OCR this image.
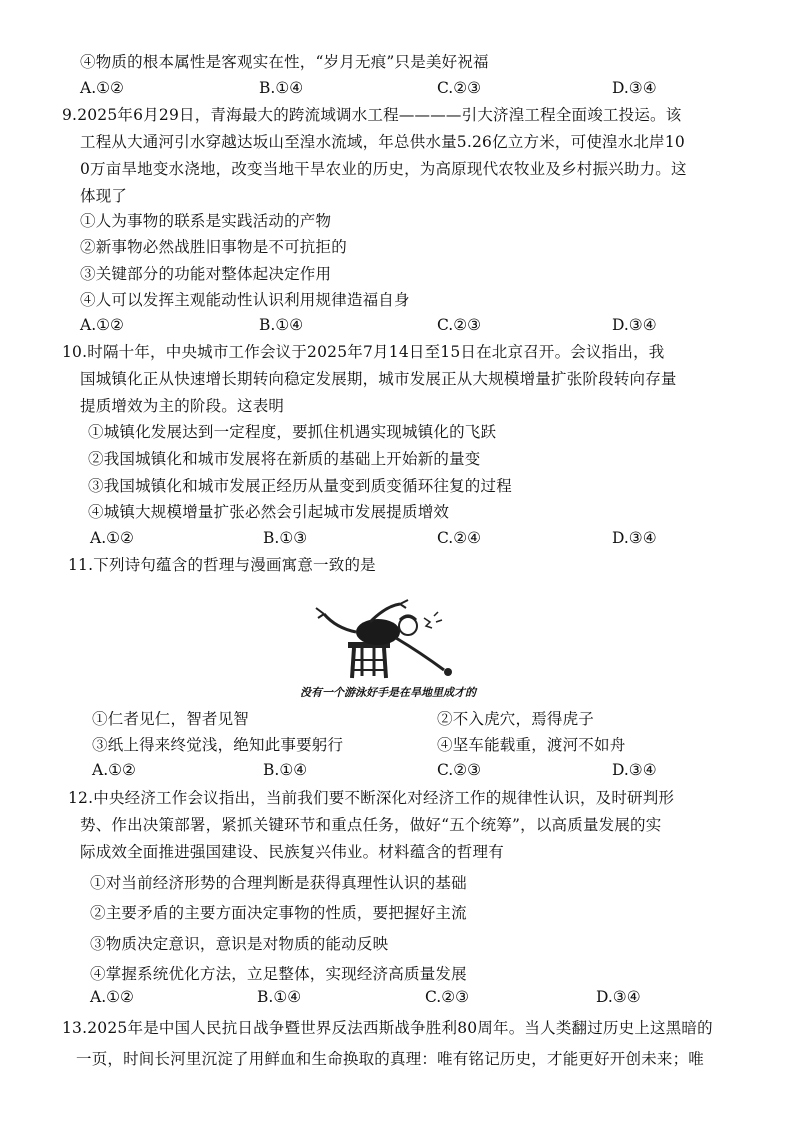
④物质的根本属性是客观实在性，“岁月无痕”只是美好祝福
A.①②	B.①④	C.②③	D.③④
9.2025年6月29日，青海最大的跨流域调水工程————引大济湟工程全面竣工投运。该
工程从大通河引水穿越达坂山至湟水流域，年总供水量5.26亿立方米，可使湟水北岸10
0万亩旱地变水浇地，改变当地干旱农业的历史，为高原现代农牧业及乡村振兴助力。这
体现了
①人为事物的联系是实践活动的产物
②新事物必然战胜旧事物是不可抗拒的
③关键部分的功能对整体起决定作用
④人可以发挥主观能动性认识利用规律造福自身
A.①②	B.①④	C.②③	D.③④
10.时隔十年，中央城市工作会议于2025年7月14日至15日在北京召开。会议指出，我
国城镇化正从快速增长期转向稳定发展期，城市发展正从大规模增量扩张阶段转向存量
提质增效为主的阶段。这表明
①城镇化发展达到一定程度，要抓住机遇实现城镇化的飞跃
②我国城镇化和城市发展将在新质的基础上开始新的量变
③我国城镇化和城市发展正经历从量变到质变循环往复的过程
④城镇大规模增量扩张必然会引起城市发展提质增效
A.①②	B.①③	C.②④	D.③④
11.下列诗句蕴含的哲理与漫画寓意一致的是
没有一个游泳好手是在旱地里成才的
①仁者见仁，智者见智	②不入虎穴，焉得虎子
③纸上得来终觉浅，绝知此事要躬行	④坚车能载重，渡河不如舟
A.①②	B.①④	C.②③	D.③④
12.中央经济工作会议指出，当前我们要不断深化对经济工作的规律性认识，及时研判形
势、作出决策部署，紧抓关键环节和重点任务，做好“五个统筹”，以高质量发展的实
际成效全面推进强国建设、民族复兴伟业。材料蕴含的哲理有
①对当前经济形势的合理判断是获得真理性认识的基础
②主要矛盾的主要方面决定事物的性质，要把握好主流
③物质决定意识，意识是对物质的能动反映
④掌握系统优化方法，立足整体，实现经济高质量发展
A.①②	B.①④	C.②③	D.③④
13.2025年是中国人民抗日战争暨世界反法西斯战争胜利80周年。当人类翻过历史上这黑暗的
一页，时间长河里沉淀了用鲜血和生命换取的真理：唯有铭记历史，才能更好开创未来；唯
